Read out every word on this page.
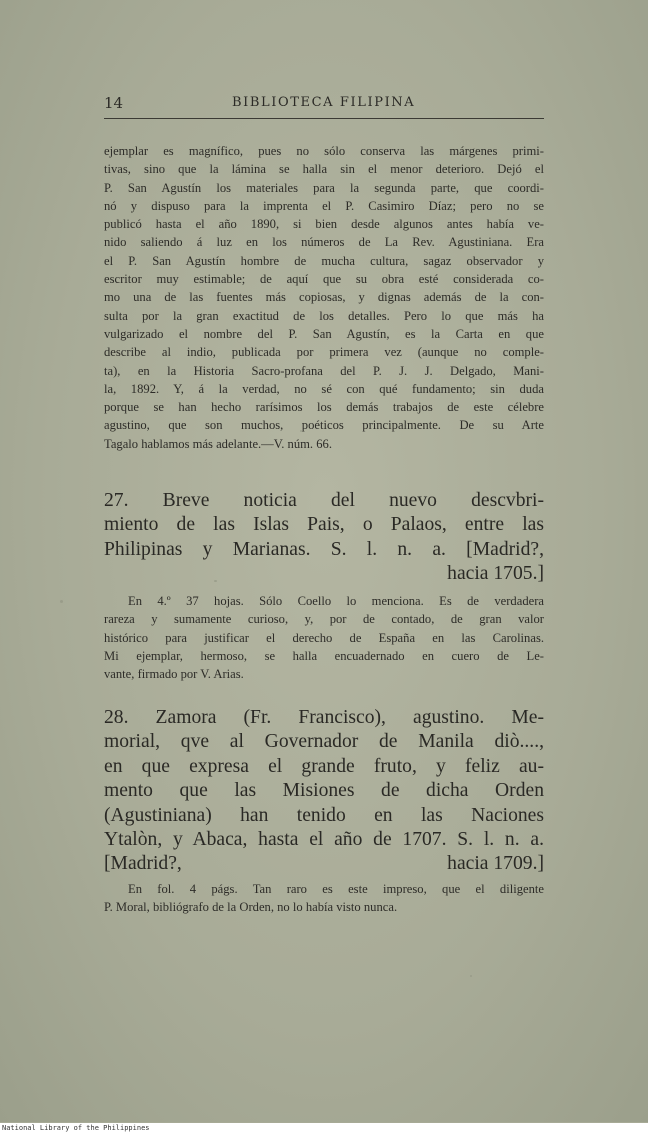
14	BIBLIOTECA FILIPINA
ejemplar es magnífico, pues no sólo conserva las márgenes primi-
tivas, sino que la lámina se halla sin el menor deterioro. Dejó el
P. San Agustín los materiales para la segunda parte, que coordi-
nó y dispuso para la imprenta el P. Casimiro Díaz; pero no se
publicó hasta el año 1890, si bien desde algunos antes había ve-
nido saliendo á luz en los números de La Rev. Agustiniana. Era
el P. San Agustín hombre de mucha cultura, sagaz observador y
escritor muy estimable; de aquí que su obra esté considerada co-
mo una de las fuentes más copiosas, y dignas además de la con-
sulta por la gran exactitud de los detalles. Pero lo que más ha
vulgarizado el nombre del P. San Agustín, es la Carta en que
describe al indio, publicada por primera vez (aunque no comple-
ta), en la Historia Sacro-profana del P. J. J. Delgado, Mani-
la, 1892. Y, á la verdad, no sé con qué fundamento; sin duda
porque se han hecho rarísimos los demás trabajos de este célebre
agustino, que son muchos, poéticos principalmente. De su Arte
Tagalo hablamos más adelante.—V. núm. 66.
27. Breve noticia del nuevo descvbri-
miento de las Islas Pais, o Palaos, entre las
Philipinas y Marianas. S. l. n. a. [Madrid?,
hacia 1705.]
En 4.º 37 hojas. Sólo Coello lo menciona. Es de verdadera
rareza y sumamente curioso, y, por de contado, de gran valor
histórico para justificar el derecho de España en las Carolinas.
Mi ejemplar, hermoso, se halla encuadernado en cuero de Le-
vante, firmado por V. Arias.
28. Zamora (Fr. Francisco), agustino. Me-
morial, qve al Governador de Manila diò....,
en que expresa el grande fruto, y feliz au-
mento que las Misiones de dicha Orden
(Agustiniana) han tenido en las Naciones
Ytalòn, y Abaca, hasta el año de 1707. S. l. n. a.
[Madrid?,	hacia 1709.]
En fol. 4 págs. Tan raro es este impreso, que el diligente
P. Moral, bibliógrafo de la Orden, no lo había visto nunca.
National Library of the Philippines
